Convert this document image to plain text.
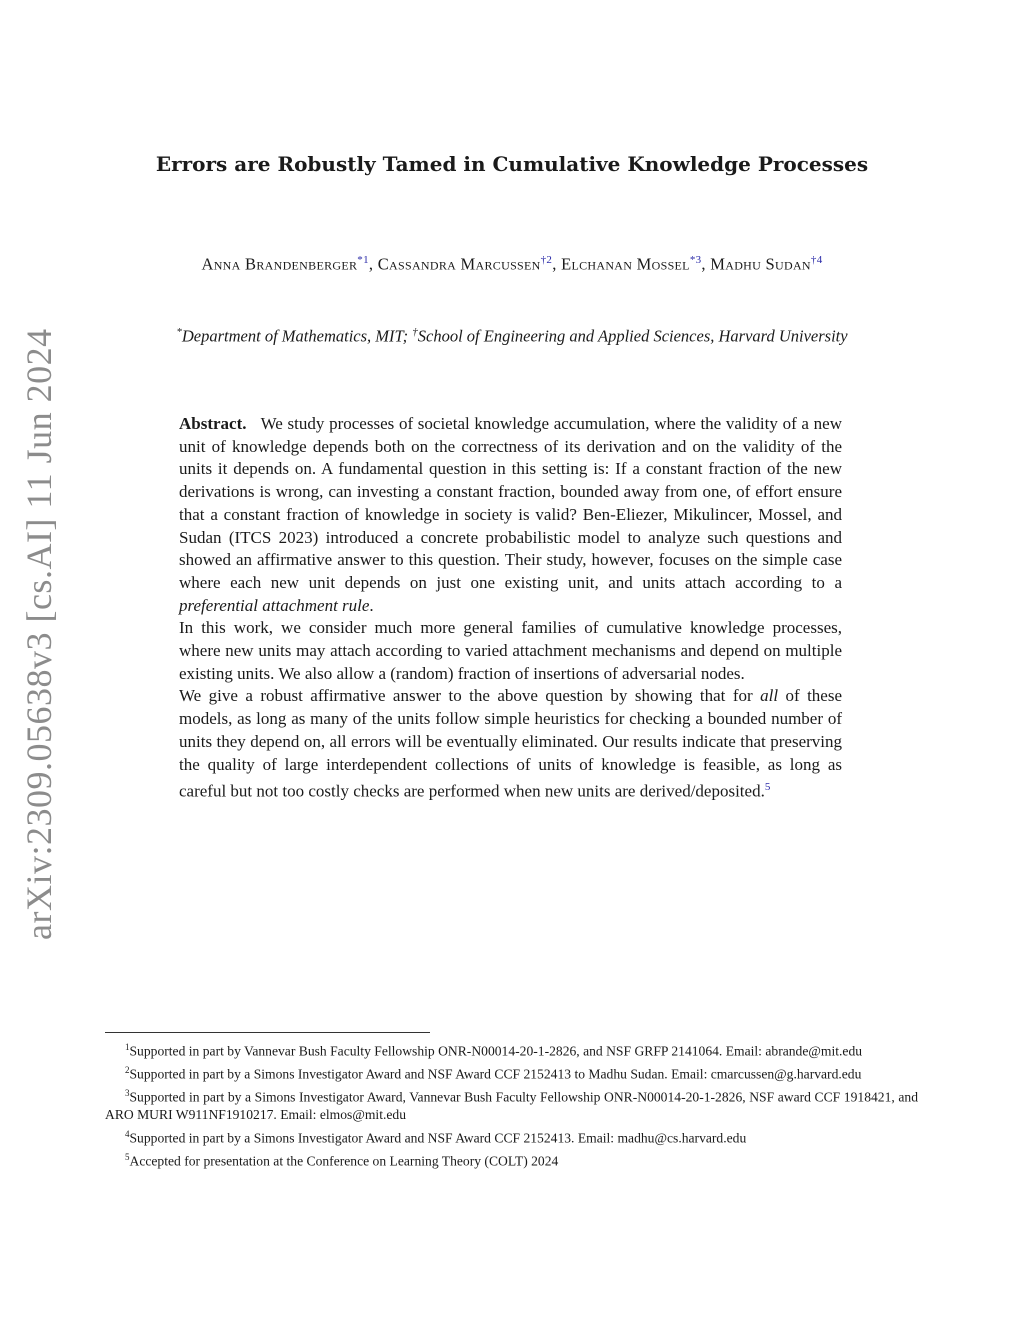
arXiv:2309.05638v3 [cs.AI] 11 Jun 2024
Errors are Robustly Tamed in Cumulative Knowledge Processes
Anna Brandenberger$^{*1}$, Cassandra Marcussen$^{\dagger 2}$, Elchanan Mossel$^{*3}$, Madhu Sudan$^{\dagger 4}$
*Department of Mathematics, MIT; †School of Engineering and Applied Sciences, Harvard University

Abstract. We study processes of societal knowledge accumulation, where the validity of a new unit of knowledge depends both on the correctness of its derivation and on the validity of the units it depends on. A fundamental question in this setting is: If a constant fraction of the new derivations is wrong, can investing a constant fraction, bounded away from one, of effort ensure that a constant fraction of knowledge in society is valid? Ben-Eliezer, Mikulincer, Mossel, and Sudan (ITCS 2023) introduced a concrete probabilistic model to analyze such questions and showed an affirmative answer to this question. Their study, however, focuses on the simple case where each new unit depends on just one existing unit, and units attach according to a preferential attachment rule.

In this work, we consider much more general families of cumulative knowledge processes, where new units may attach according to varied attachment mechanisms and depend on multiple existing units. We also allow a (random) fraction of insertions of adversarial nodes.

We give a robust affirmative answer to the above question by showing that for all of these models, as long as many of the units follow simple heuristics for checking a bounded number of units they depend on, all errors will be eventually eliminated. Our results indicate that preserving the quality of large interdependent collections of units of knowledge is feasible, as long as careful but not too costly checks are performed when new units are derived/deposited.$^5$

$^1$Supported in part by Vannevar Bush Faculty Fellowship ONR-N00014-20-1-2826, and NSF GRFP 2141064. Email: abrande@mit.edu

$^2$Supported in part by a Simons Investigator Award and NSF Award CCF 2152413 to Madhu Sudan. Email: cmarcussen@g.harvard.edu

$^3$Supported in part by a Simons Investigator Award, Vannevar Bush Faculty Fellowship ONR-N00014-20-1-2826, NSF award CCF 1918421, and ARO MURI W911NF1910217. Email: elmos@mit.edu

$^4$Supported in part by a Simons Investigator Award and NSF Award CCF 2152413. Email: madhu@cs.harvard.edu

$^5$Accepted for presentation at the Conference on Learning Theory (COLT) 2024
